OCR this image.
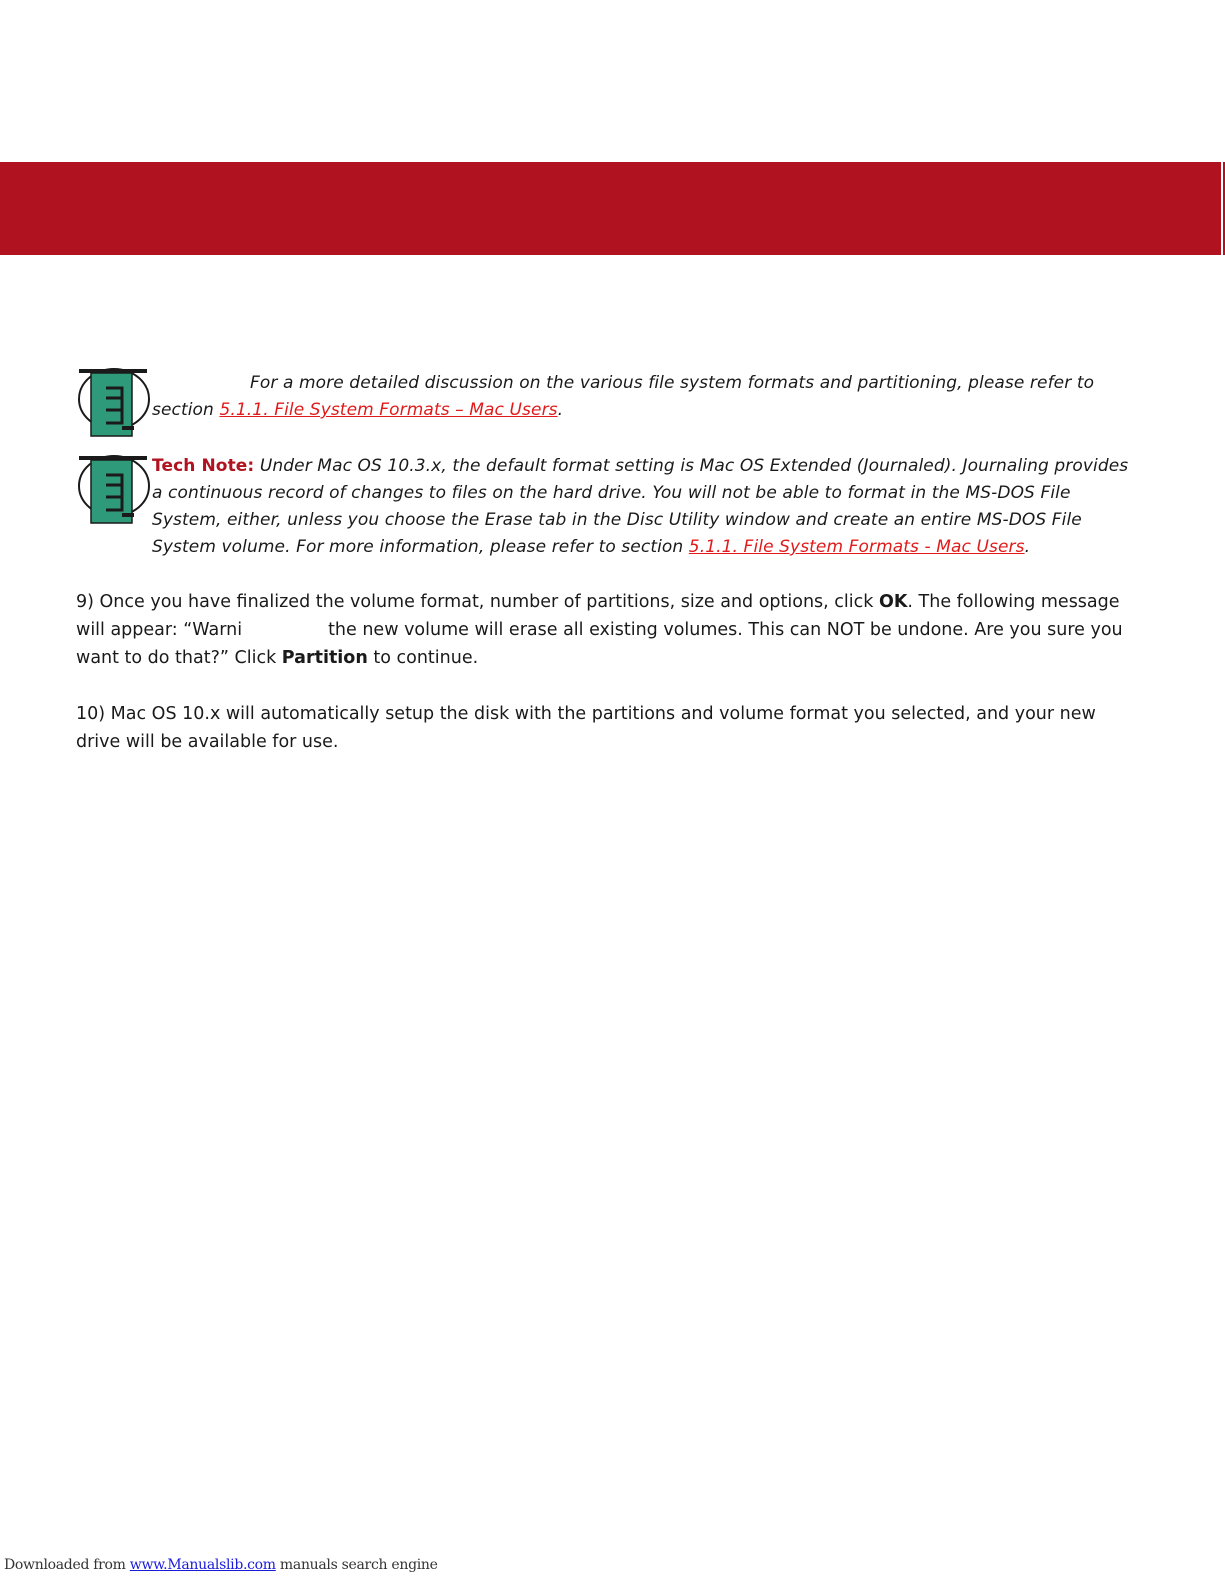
For a more detailed discussion on the various file system formats and partitioning, please refer to
section 5.1.1. File System Formats – Mac Users.
Tech Note: Under Mac OS 10.3.x, the default format setting is Mac OS Extended (Journaled). Journaling provides a continuous record of changes to files on the hard drive. You will not be able to format in the MS-DOS File System, either, unless you choose the Erase tab in the Disc Utility window and create an entire MS-DOS File System volume. For more information, please refer to section 5.1.1. File System Formats - Mac Users.

9) Once you have finalized the volume format, number of partitions, size and options, click OK. The following message will appear: “Warni	the new volume will erase all existing volumes. This can NOT be undone. Are you sure you want to do that?” Click Partition to continue.

10) Mac OS 10.x will automatically setup the disk with the partitions and volume format you selected, and your new drive will be available for use.

Downloaded from www.Manualslib.com manuals search engine
